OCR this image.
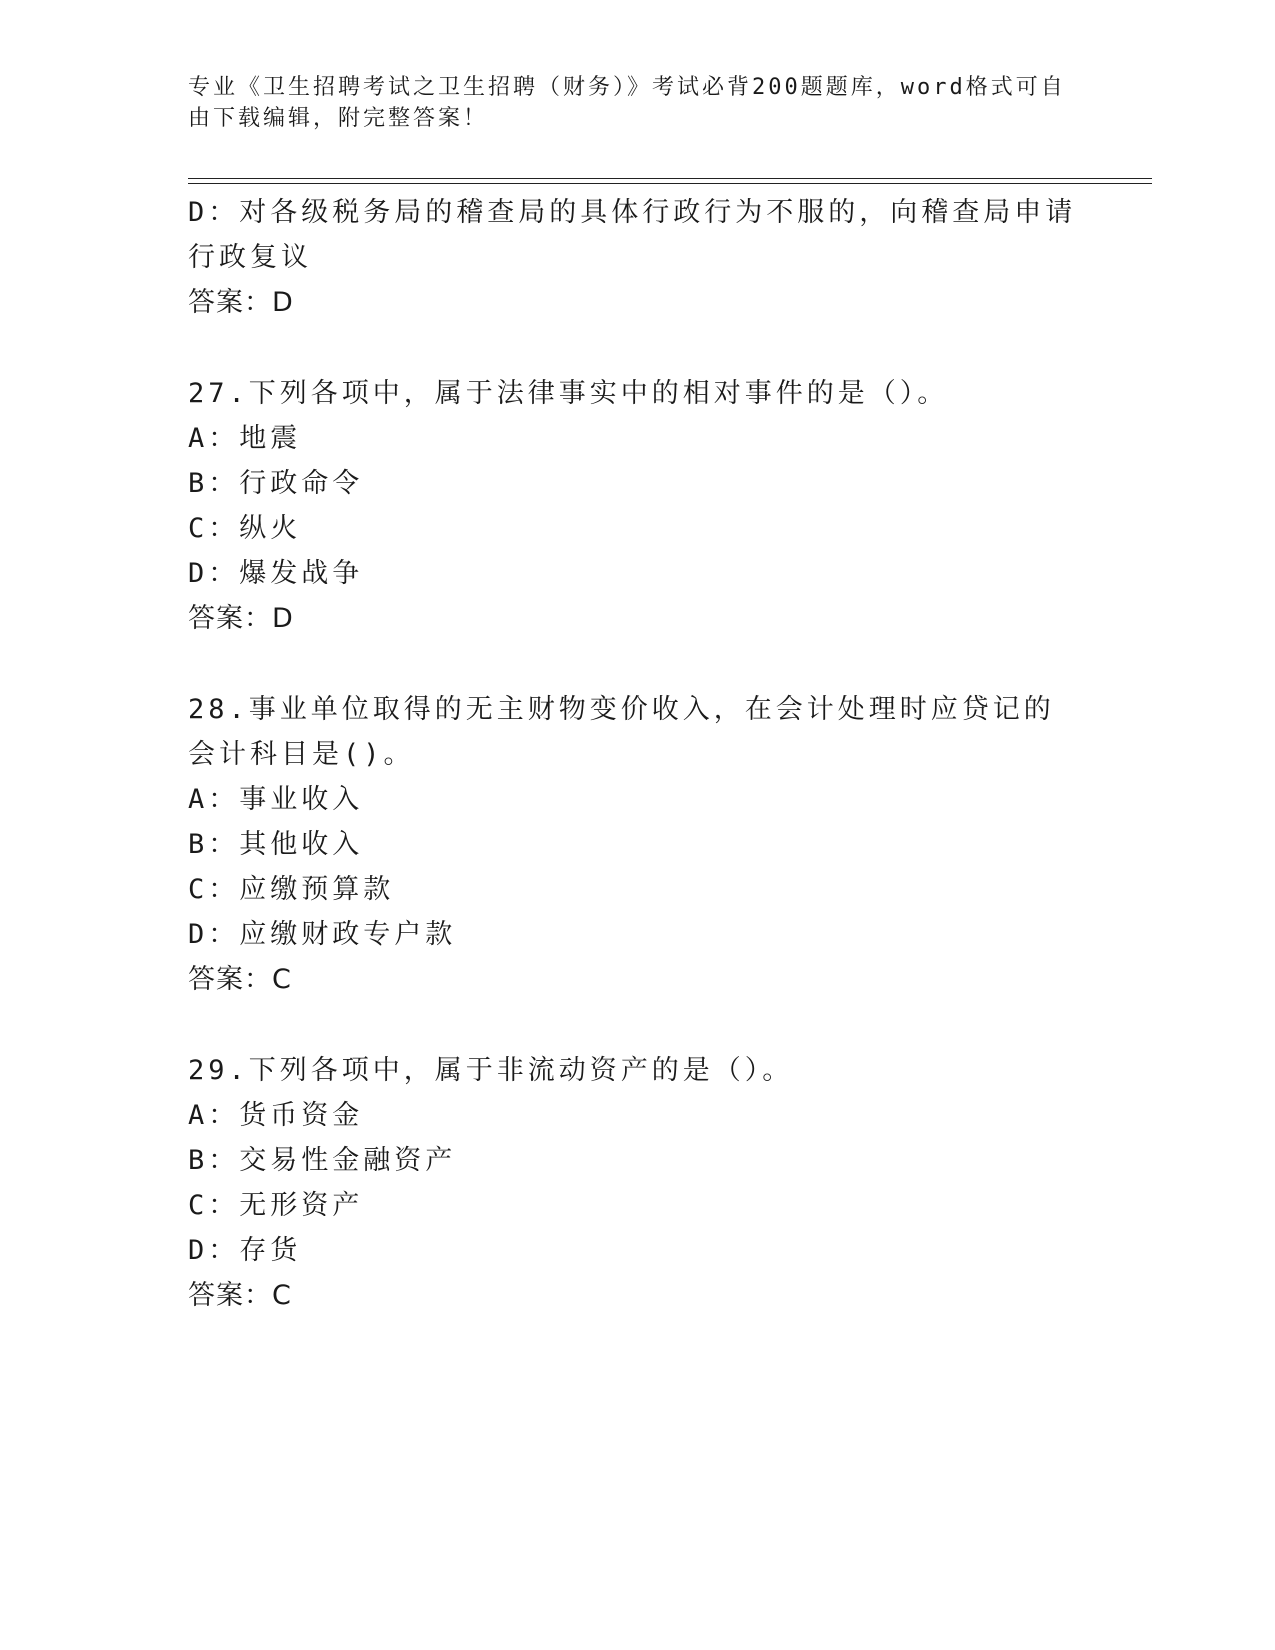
专业《卫生招聘考试之卫生招聘（财务）》考试必背200题题库，word格式可自由下载编辑，附完整答案！
D：对各级税务局的稽查局的具体行政行为不服的，向稽查局申请行政复议
答案：D
27.下列各项中，属于法律事实中的相对事件的是（）。
A：地震
B：行政命令
C：纵火
D：爆发战争
答案：D
28.事业单位取得的无主财物变价收入，在会计处理时应贷记的会计科目是()。
A：事业收入
B：其他收入
C：应缴预算款
D：应缴财政专户款
答案：C
29.下列各项中，属于非流动资产的是（）。
A：货币资金
B：交易性金融资产
C：无形资产
D：存货
答案：C
